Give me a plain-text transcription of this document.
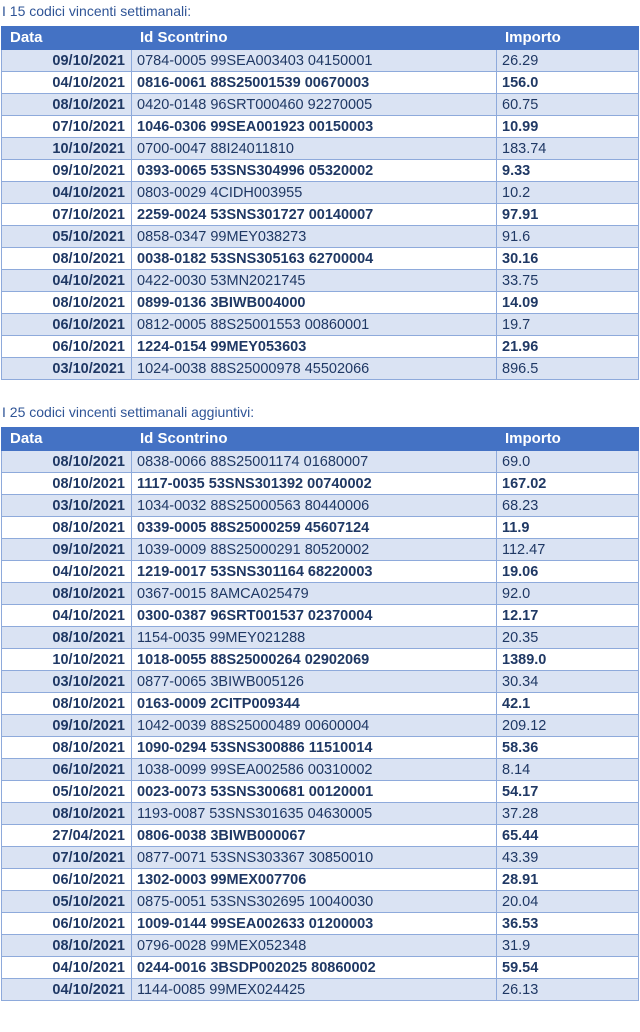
I 15 codici vincenti settimanali:
Data	Id Scontrino	Importo
09/10/2021	0784-0005 99SEA003403 04150001	26.29
04/10/2021	0816-0061 88S25001539 00670003	156.0
08/10/2021	0420-0148 96SRT000460 92270005	60.75
07/10/2021	1046-0306 99SEA001923 00150003	10.99
10/10/2021	0700-0047 88I24011810	183.74
09/10/2021	0393-0065 53SNS304996 05320002	9.33
04/10/2021	0803-0029 4CIDH003955	10.2
07/10/2021	2259-0024 53SNS301727 00140007	97.91
05/10/2021	0858-0347 99MEY038273	91.6
08/10/2021	0038-0182 53SNS305163 62700004	30.16
04/10/2021	0422-0030 53MN2021745	33.75
08/10/2021	0899-0136 3BIWB004000	14.09
06/10/2021	0812-0005 88S25001553 00860001	19.7
06/10/2021	1224-0154 99MEY053603	21.96
03/10/2021	1024-0038 88S25000978 45502066	896.5
I 25 codici vincenti settimanali aggiuntivi:
Data	Id Scontrino	Importo
08/10/2021	0838-0066 88S25001174 01680007	69.0
08/10/2021	1117-0035 53SNS301392 00740002	167.02
03/10/2021	1034-0032 88S25000563 80440006	68.23
08/10/2021	0339-0005 88S25000259 45607124	11.9
09/10/2021	1039-0009 88S25000291 80520002	112.47
04/10/2021	1219-0017 53SNS301164 68220003	19.06
08/10/2021	0367-0015 8AMCA025479	92.0
04/10/2021	0300-0387 96SRT001537 02370004	12.17
08/10/2021	1154-0035 99MEY021288	20.35
10/10/2021	1018-0055 88S25000264 02902069	1389.0
03/10/2021	0877-0065 3BIWB005126	30.34
08/10/2021	0163-0009 2CITP009344	42.1
09/10/2021	1042-0039 88S25000489 00600004	209.12
08/10/2021	1090-0294 53SNS300886 11510014	58.36
06/10/2021	1038-0099 99SEA002586 00310002	8.14
05/10/2021	0023-0073 53SNS300681 00120001	54.17
08/10/2021	1193-0087 53SNS301635 04630005	37.28
27/04/2021	0806-0038 3BIWB000067	65.44
07/10/2021	0877-0071 53SNS303367 30850010	43.39
06/10/2021	1302-0003 99MEX007706	28.91
05/10/2021	0875-0051 53SNS302695 10040030	20.04
06/10/2021	1009-0144 99SEA002633 01200003	36.53
08/10/2021	0796-0028 99MEX052348	31.9
04/10/2021	0244-0016 3BSDP002025 80860002	59.54
04/10/2021	1144-0085 99MEX024425	26.13
